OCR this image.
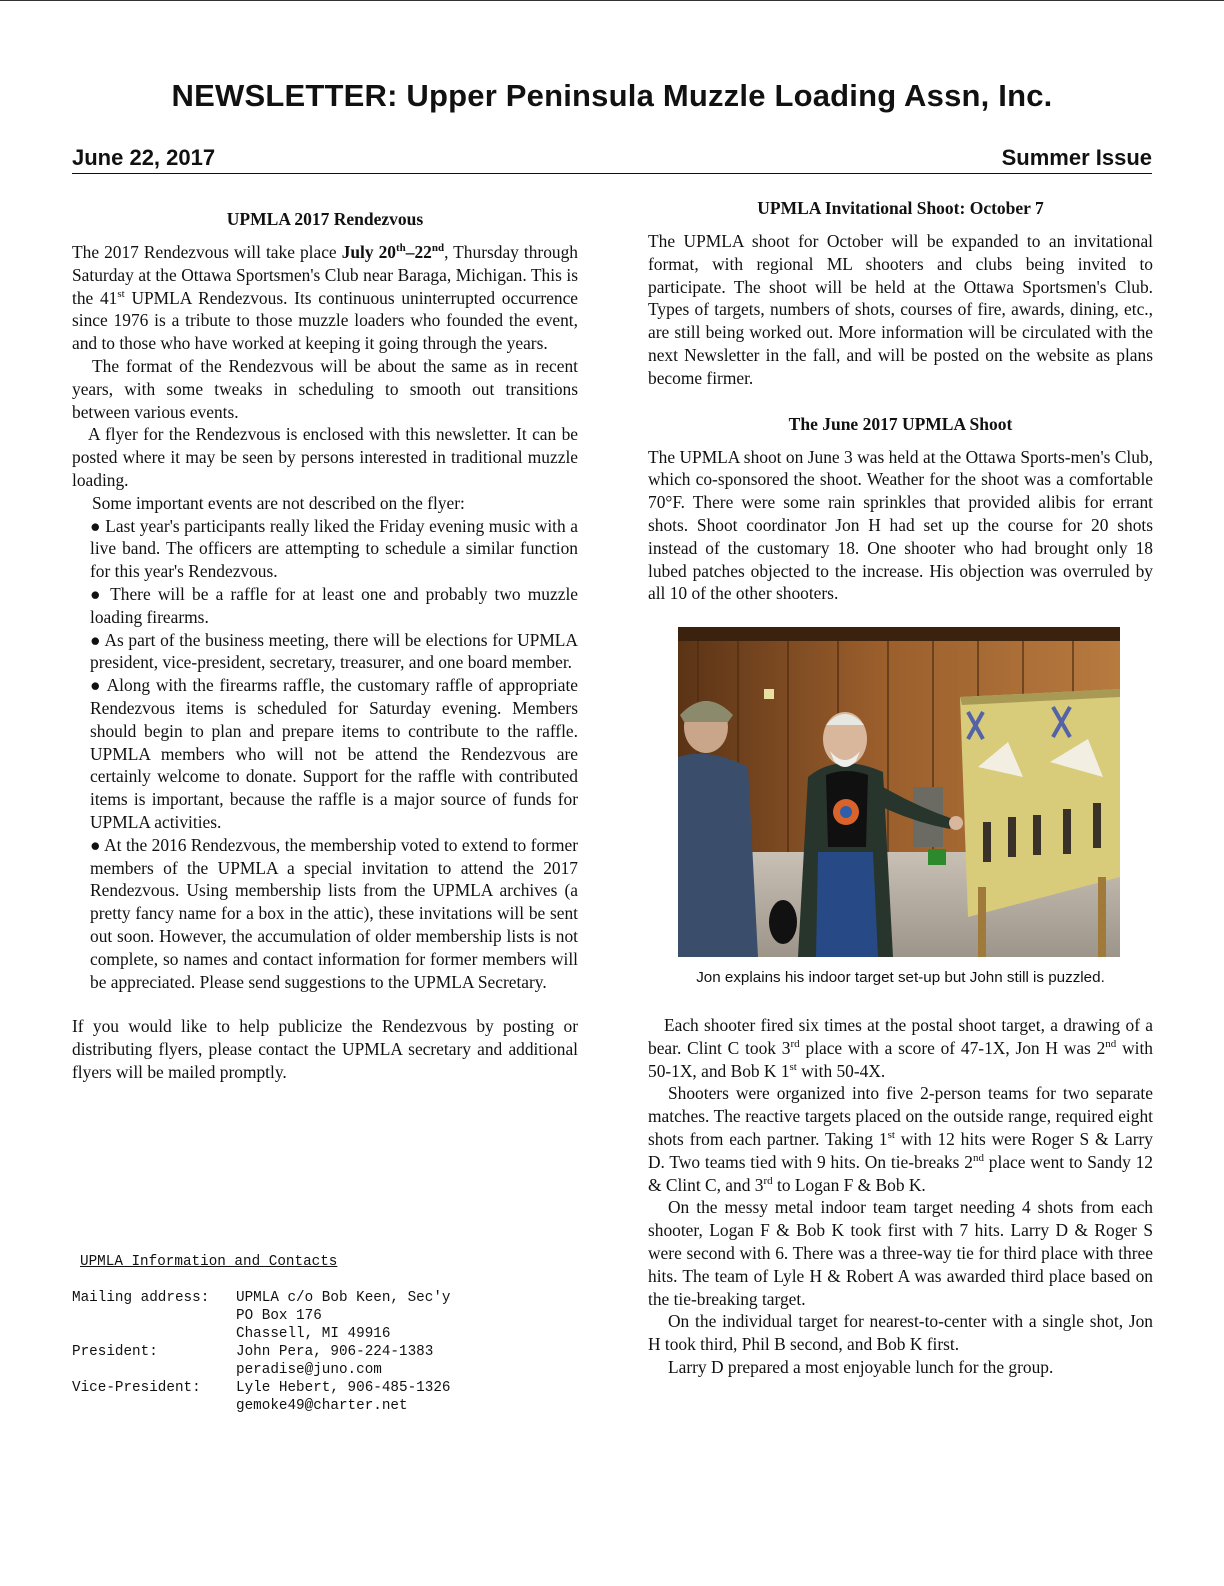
NEWSLETTER: Upper Peninsula Muzzle Loading Assn, Inc.
June 22, 2017	Summer Issue

UPMLA 2017 Rendezvous

The 2017 Rendezvous will take place July 20th–22nd, Thursday through Saturday at the Ottawa Sportsmen's Club near Baraga, Michigan. This is the 41st UPMLA Rendezvous. Its continuous uninterrupted occurrence since 1976 is a tribute to those muzzle loaders who founded the event, and to those who have worked at keeping it going through the years.

The format of the Rendezvous will be about the same as in recent years, with some tweaks in scheduling to smooth out transitions between various events.

A flyer for the Rendezvous is enclosed with this newsletter. It can be posted where it may be seen by persons interested in traditional muzzle loading.

Some important events are not described on the flyer:

● Last year's participants really liked the Friday evening music with a live band. The officers are attempting to schedule a similar function for this year's Rendezvous.

● There will be a raffle for at least one and probably two muzzle loading firearms.

● As part of the business meeting, there will be elections for UPMLA president, vice-president, secretary, treasurer, and one board member.

● Along with the firearms raffle, the customary raffle of appropriate Rendezvous items is scheduled for Saturday evening. Members should begin to plan and prepare items to contribute to the raffle. UPMLA members who will not be attend the Rendezvous are certainly welcome to donate. Support for the raffle with contributed items is important, because the raffle is a major source of funds for UPMLA activities.

● At the 2016 Rendezvous, the membership voted to extend to former members of the UPMLA a special invitation to attend the 2017 Rendezvous. Using membership lists from the UPMLA archives (a pretty fancy name for a box in the attic), these invitations will be sent out soon. However, the accumulation of older membership lists is not complete, so names and contact information for former members will be appreciated. Please send suggestions to the UPMLA Secretary.

If you would like to help publicize the Rendezvous by posting or distributing flyers, please contact the UPMLA secretary and additional flyers will be mailed promptly.

UPMLA Information and Contacts
Mailing address:	UPMLA c/o Bob Keen, Sec'y
PO Box 176
Chassell, MI 49916
President:	John Pera, 906-224-1383
peradise@juno.com
Vice-President:	Lyle Hebert, 906-485-1326
gemoke49@charter.net

UPMLA Invitational Shoot: October 7

The UPMLA shoot for October will be expanded to an invitational format, with regional ML shooters and clubs being invited to participate. The shoot will be held at the Ottawa Sportsmen's Club. Types of targets, numbers of shots, courses of fire, awards, dining, etc., are still being worked out. More information will be circulated with the next Newsletter in the fall, and will be posted on the website as plans become firmer.

The June 2017 UPMLA Shoot

The UPMLA shoot on June 3 was held at the Ottawa Sports-men's Club, which co-sponsored the shoot. Weather for the shoot was a comfortable 70°F. There were some rain sprinkles that provided alibis for errant shots. Shoot coordinator Jon H had set up the course for 20 shots instead of the customary 18. One shooter who had brought only 18 lubed patches objected to the increase. His objection was overruled by all 10 of the other shooters.

Jon explains his indoor target set-up but John still is puzzled.

Each shooter fired six times at the postal shoot target, a drawing of a bear. Clint C took 3rd place with a score of 47-1X, Jon H was 2nd with 50-1X, and Bob K 1st with 50-4X.

Shooters were organized into five 2-person teams for two separate matches. The reactive targets placed on the outside range, required eight shots from each partner. Taking 1st with 12 hits were Roger S & Larry D. Two teams tied with 9 hits. On tie-breaks 2nd place went to Sandy 12 & Clint C, and 3rd to Logan F & Bob K.

On the messy metal indoor team target needing 4 shots from each shooter, Logan F & Bob K took first with 7 hits. Larry D & Roger S were second with 6. There was a three-way tie for third place with three hits. The team of Lyle H & Robert A was awarded third place based on the tie-breaking target.

On the individual target for nearest-to-center with a single shot, Jon H took third, Phil B second, and Bob K first.

Larry D prepared a most enjoyable lunch for the group.
